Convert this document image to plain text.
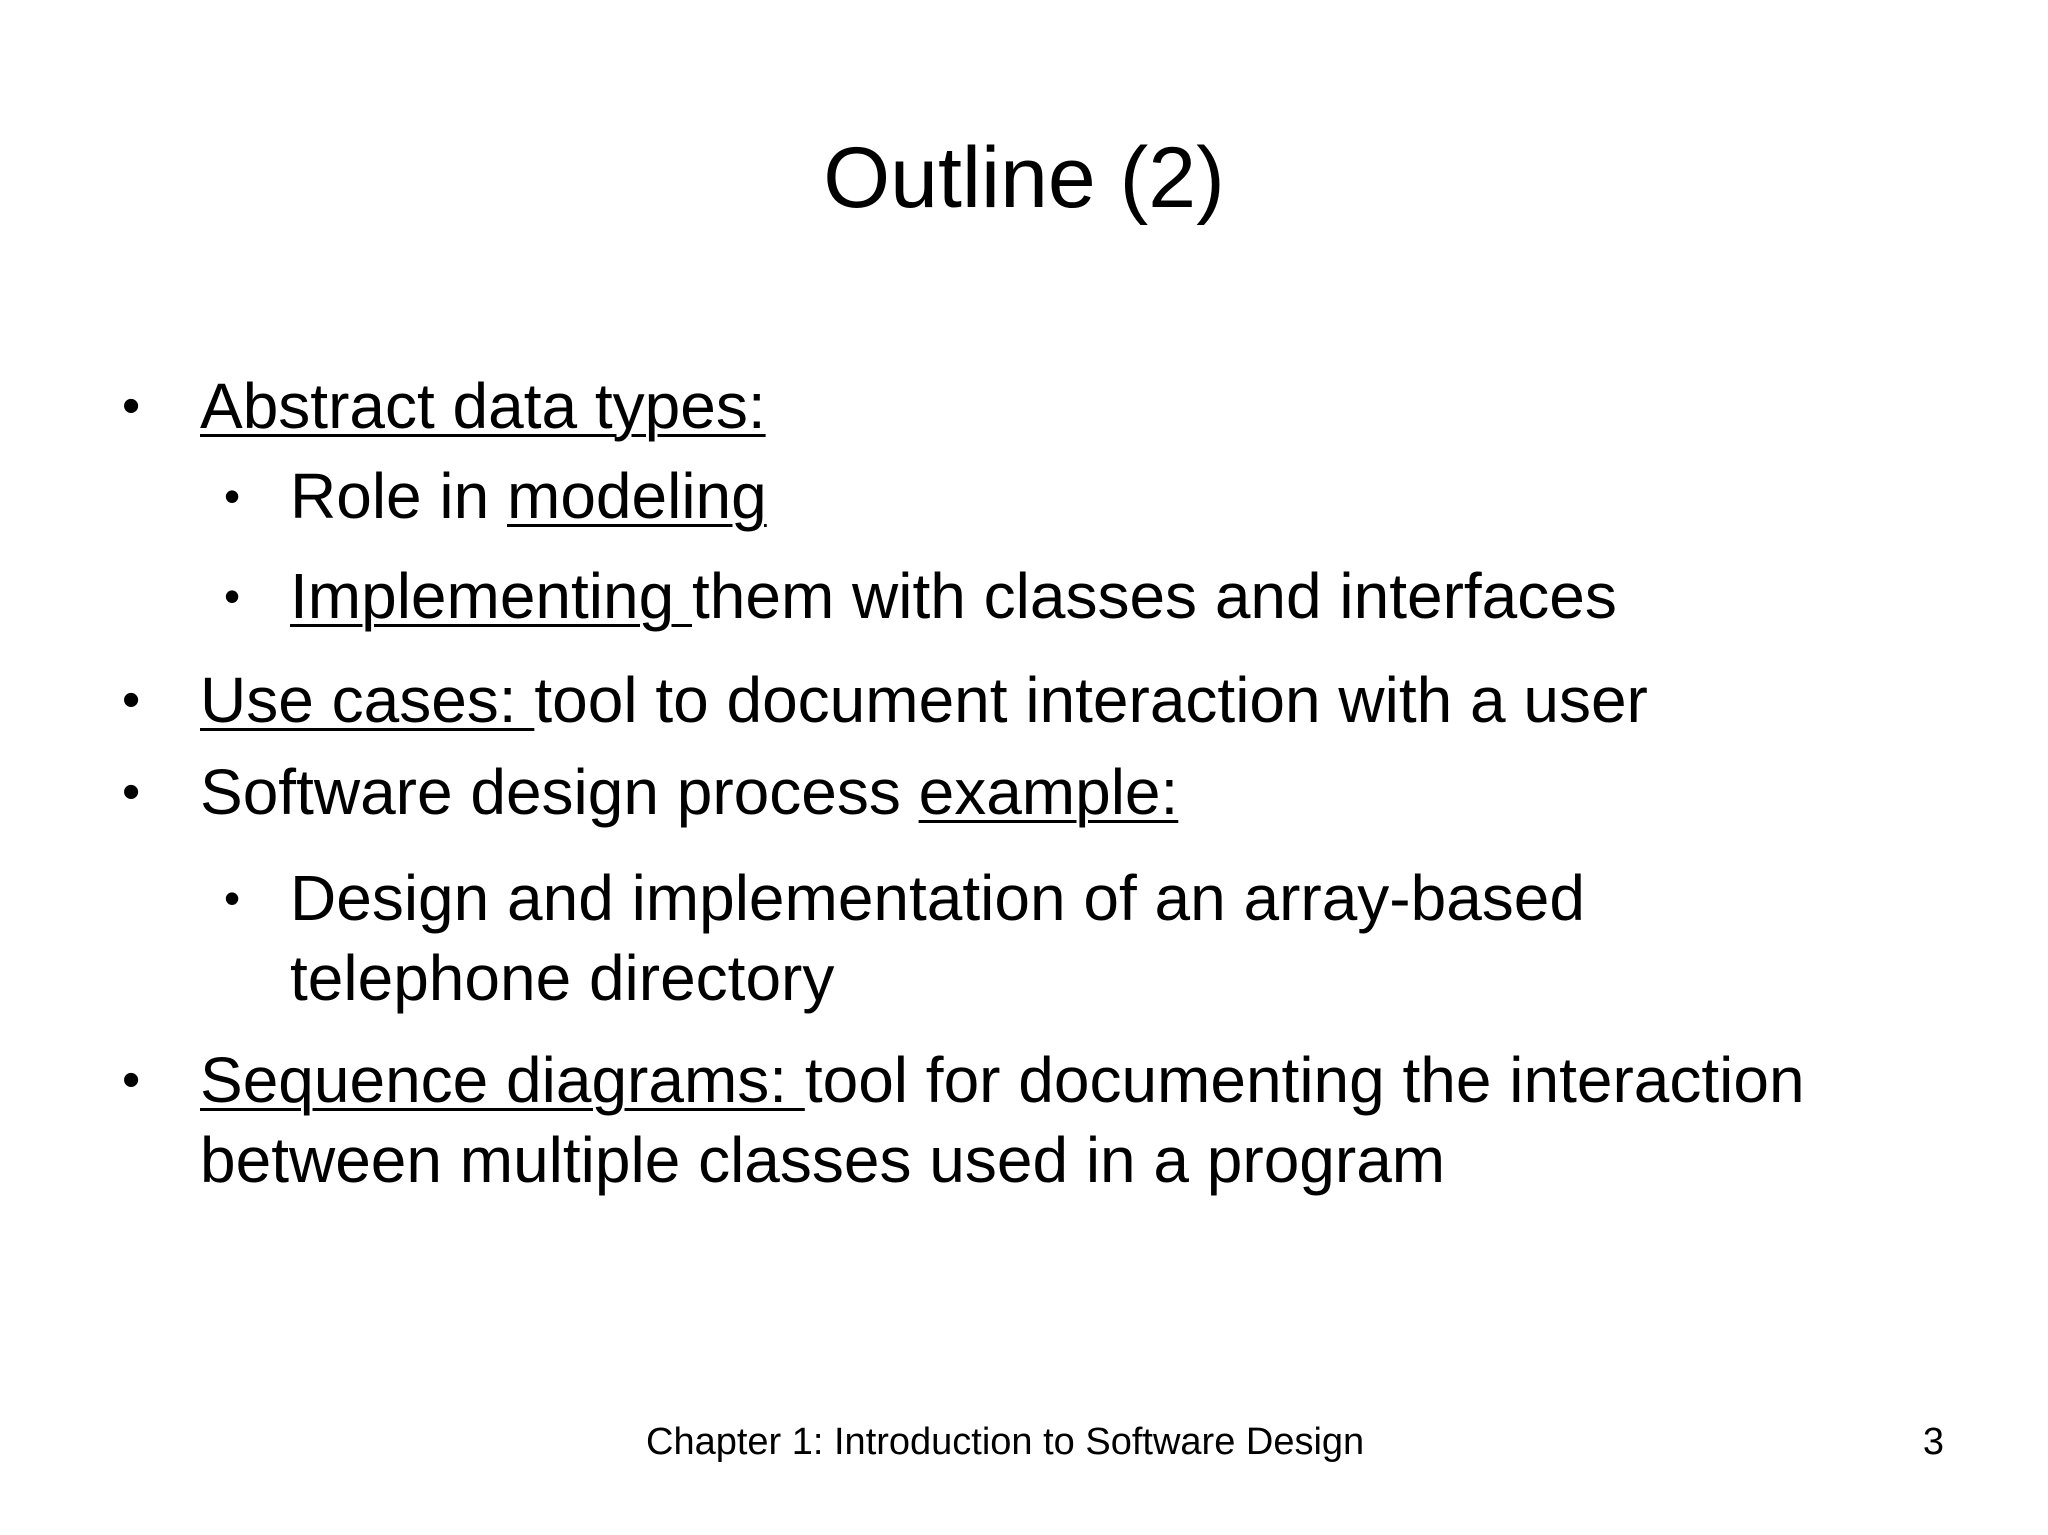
Outline (2)
• Abstract data types:
• Role in modeling
• Implementing them with classes and interfaces
• Use cases: tool to document interaction with a user
• Software design process example:
• Design and implementation of an array-based
telephone directory
• Sequence diagrams: tool for documenting the interaction
between multiple classes used in a program
Chapter 1: Introduction to Software Design	3
